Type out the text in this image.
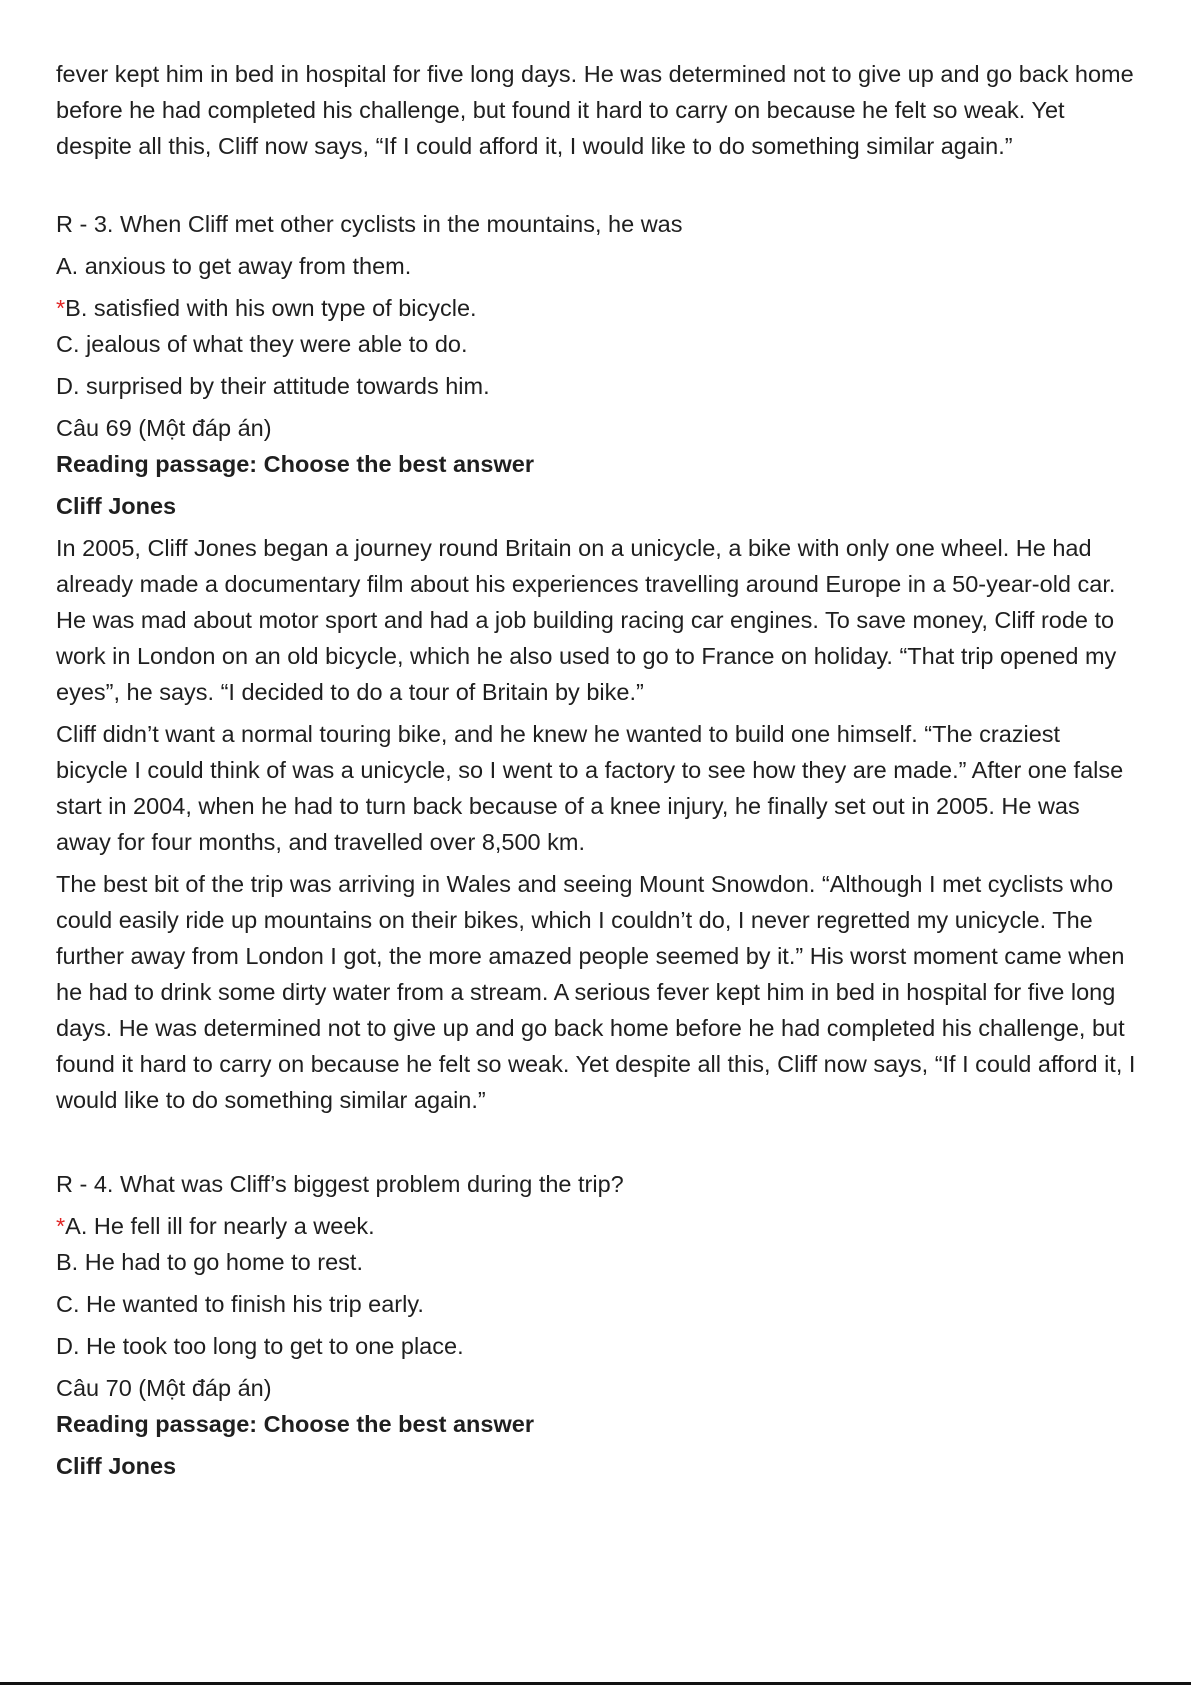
fever kept him in bed in hospital for five long days. He was determined not to give up and go back home before he had completed his challenge, but found it hard to carry on because he felt so weak. Yet despite all this, Cliff now says, “If I could afford it, I would like to do something similar again.”

R - 3. When Cliff met other cyclists in the mountains, he was

A. anxious to get away from them.

*B. satisfied with his own type of bicycle.

C. jealous of what they were able to do.

D. surprised by their attitude towards him.

Câu 69 (Một đáp án)

Reading passage: Choose the best answer

Cliff Jones

In 2005, Cliff Jones began a journey round Britain on a unicycle, a bike with only one wheel. He had already made a documentary film about his experiences travelling around Europe in a 50-year-old car. He was mad about motor sport and had a job building racing car engines. To save money, Cliff rode to work in London on an old bicycle, which he also used to go to France on holiday. “That trip opened my eyes”, he says. “I decided to do a tour of Britain by bike.”

Cliff didn’t want a normal touring bike, and he knew he wanted to build one himself. “The craziest bicycle I could think of was a unicycle, so I went to a factory to see how they are made.” After one false start in 2004, when he had to turn back because of a knee injury, he finally set out in 2005. He was away for four months, and travelled over 8,500 km.

The best bit of the trip was arriving in Wales and seeing Mount Snowdon. “Although I met cyclists who could easily ride up mountains on their bikes, which I couldn’t do, I never regretted my unicycle. The further away from London I got, the more amazed people seemed by it.” His worst moment came when he had to drink some dirty water from a stream. A serious fever kept him in bed in hospital for five long days. He was determined not to give up and go back home before he had completed his challenge, but found it hard to carry on because he felt so weak. Yet despite all this, Cliff now says, “If I could afford it, I would like to do something similar again.”

R - 4. What was Cliff’s biggest problem during the trip?

*A. He fell ill for nearly a week.

B. He had to go home to rest.

C. He wanted to finish his trip early.

D. He took too long to get to one place.

Câu 70 (Một đáp án)

Reading passage: Choose the best answer

Cliff Jones
